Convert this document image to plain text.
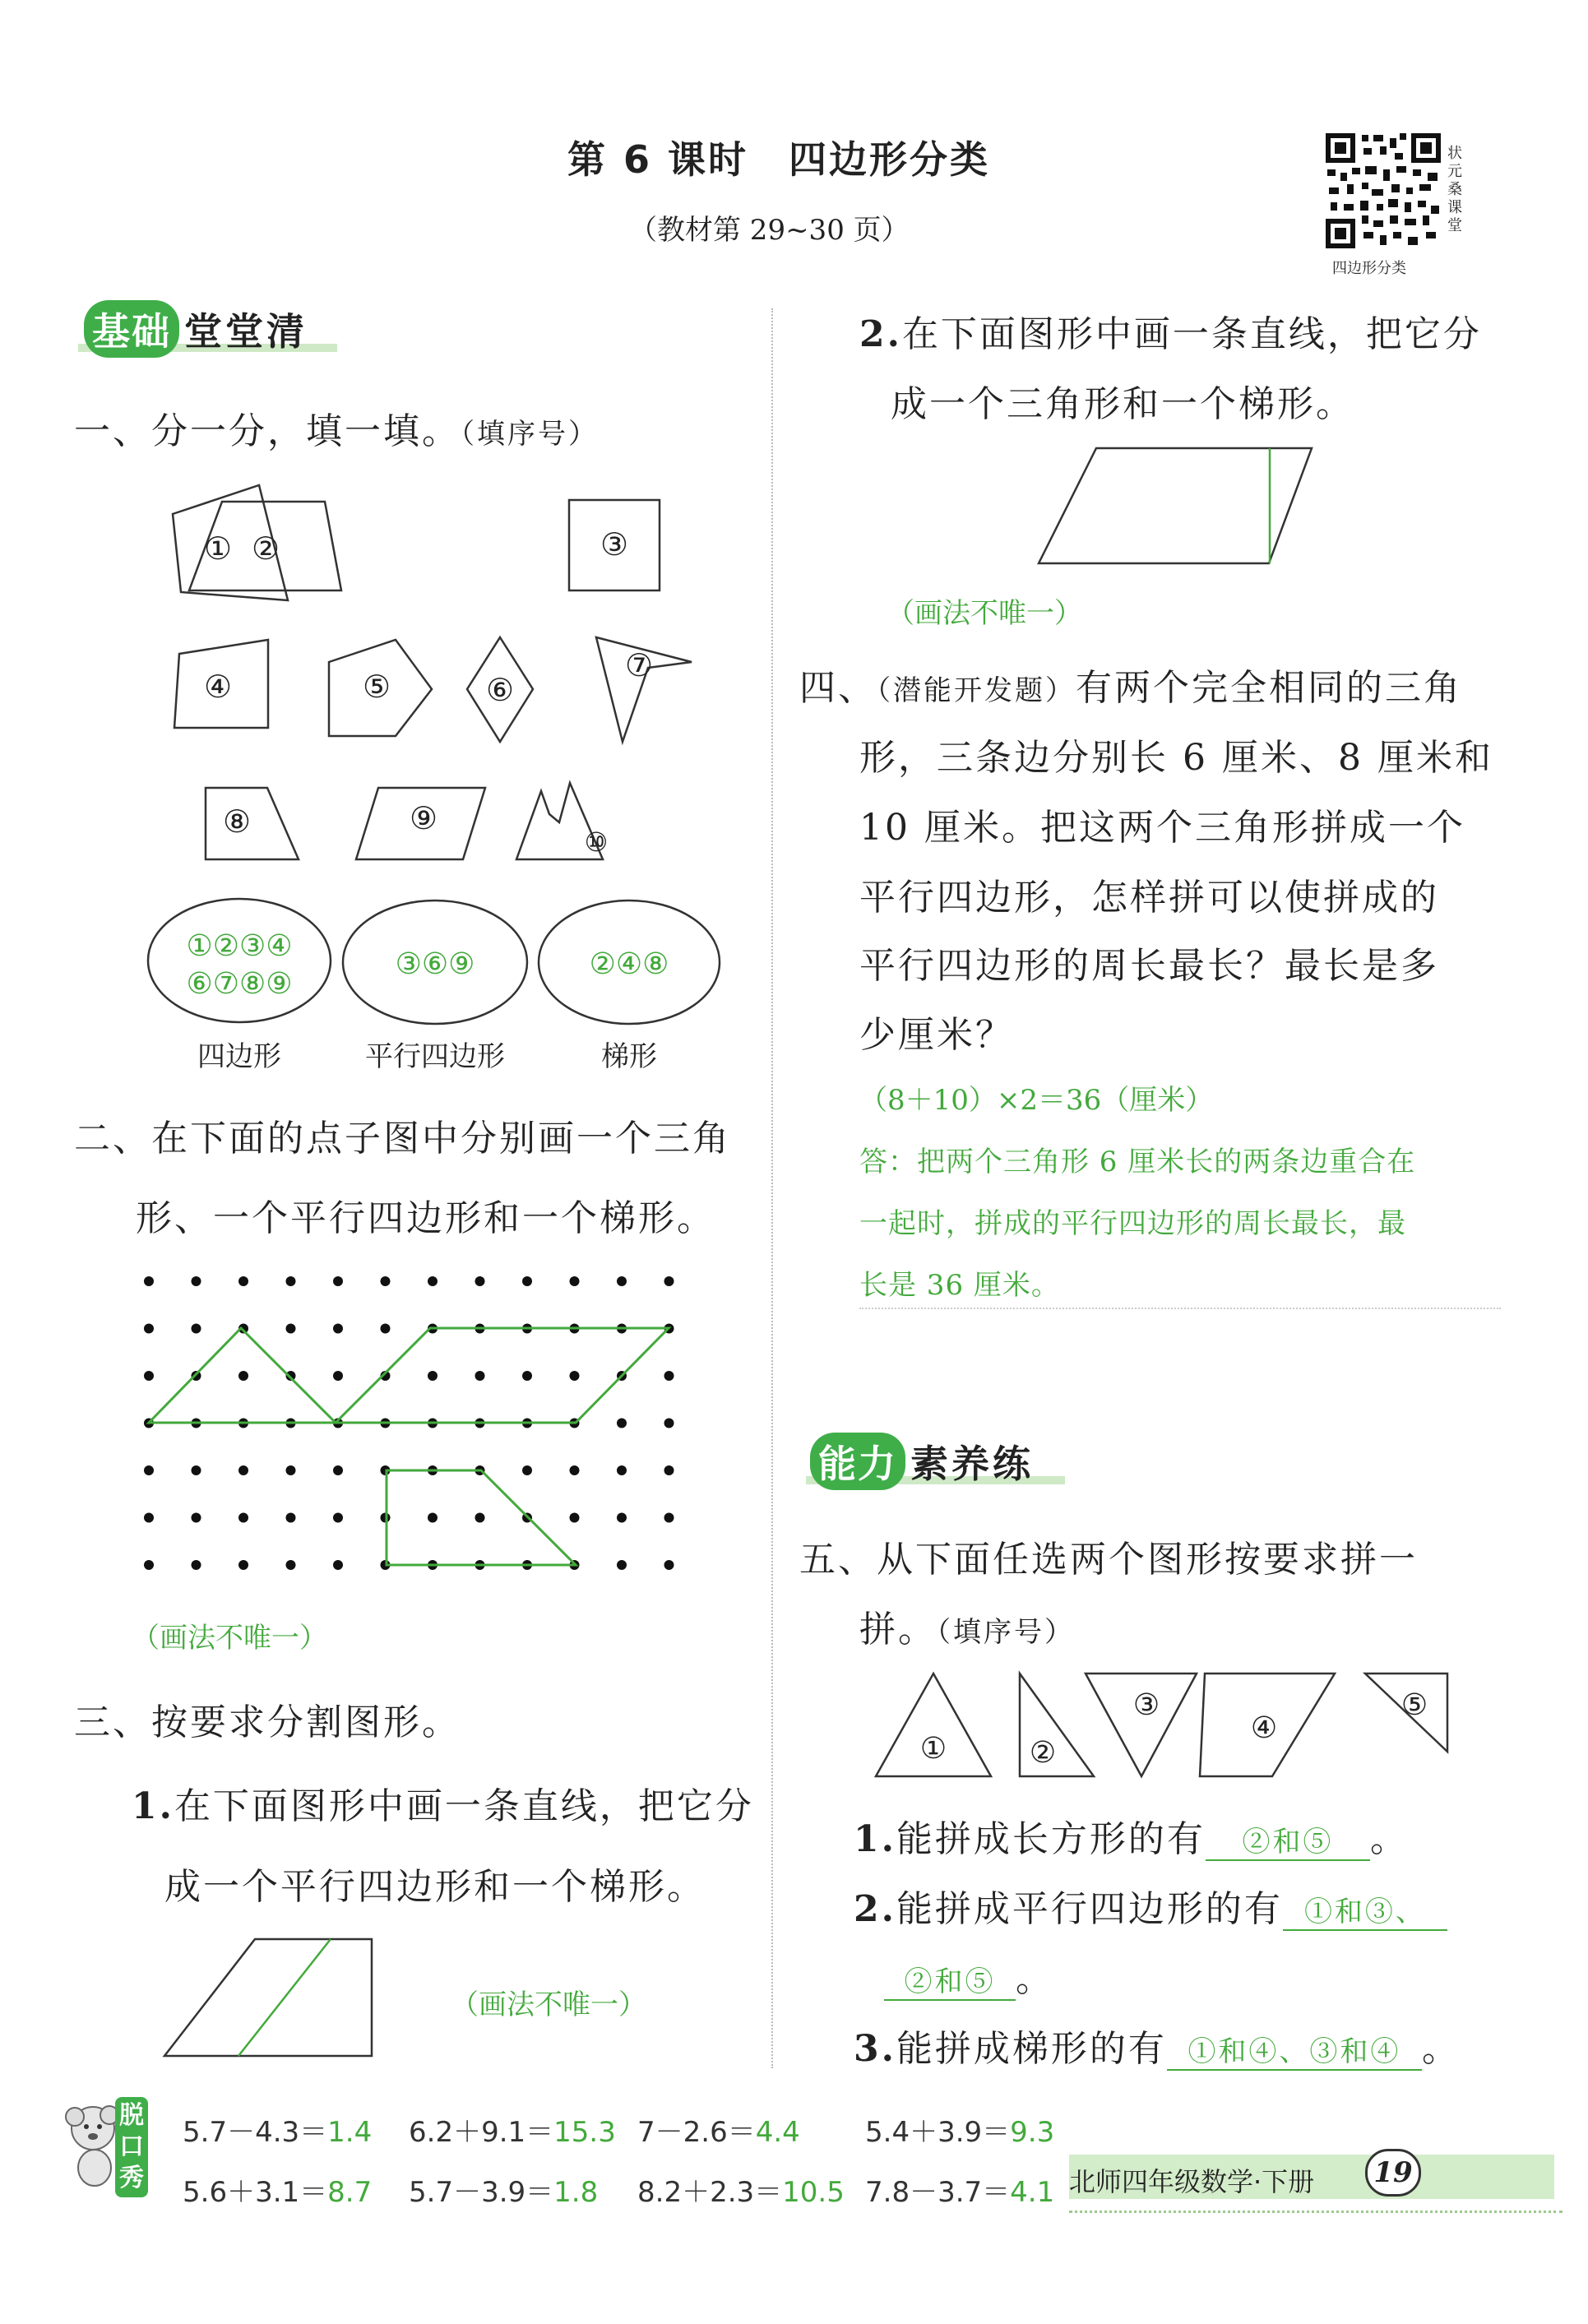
第 6 课时　四边形分类
（教材第 29~30 页）
状元桑课堂
四边形分类
基础 堂堂清
一、分一分，填一填。（填序号）
① ②	③
④	⑤	⑥
⑦
⑧	⑨
⑩
①②③④
⑥⑦⑧⑨
③⑥⑨	②④⑧
四边形	平行四边形	梯形
二、在下面的点子图中分别画一个三角
形、一个平行四边形和一个梯形。
（画法不唯一）
三、按要求分割图形。
1.在下面图形中画一条直线，把它分
成一个平行四边形和一个梯形。
（画法不唯一）
2.在下面图形中画一条直线，把它分
成一个三角形和一个梯形。
（画法不唯一）
四、（潜能开发题）有两个完全相同的三角
形，三条边分别长 6 厘米、8 厘米和
10 厘米。把这两个三角形拼成一个
平行四边形，怎样拼可以使拼成的
平行四边形的周长最长？最长是多
少厘米？
（8＋10）×2＝36（厘米）
答：把两个三角形 6 厘米长的两条边重合在
一起时，拼成的平行四边形的周长最长，最
长是 36 厘米。
能力 素养练
五、从下面任选两个图形按要求拼一
拼。（填序号）
①	②
③
④
⑤
1.能拼成长方形的有 ②和⑤ 。
2.能拼成平行四边形的有 ①和③、
②和⑤ 。
3.能拼成梯形的有 ①和④、③和④ 。
脱口秀
5.7－4.3＝1.4 6.2＋9.1＝15.3 7－2.6＝4.4 5.4＋3.9＝9.3
5.6＋3.1＝8.7 5.7－3.9＝1.8 8.2＋2.3＝10.5 7.8－3.7＝4.1 北师四年级数学·下册	19
